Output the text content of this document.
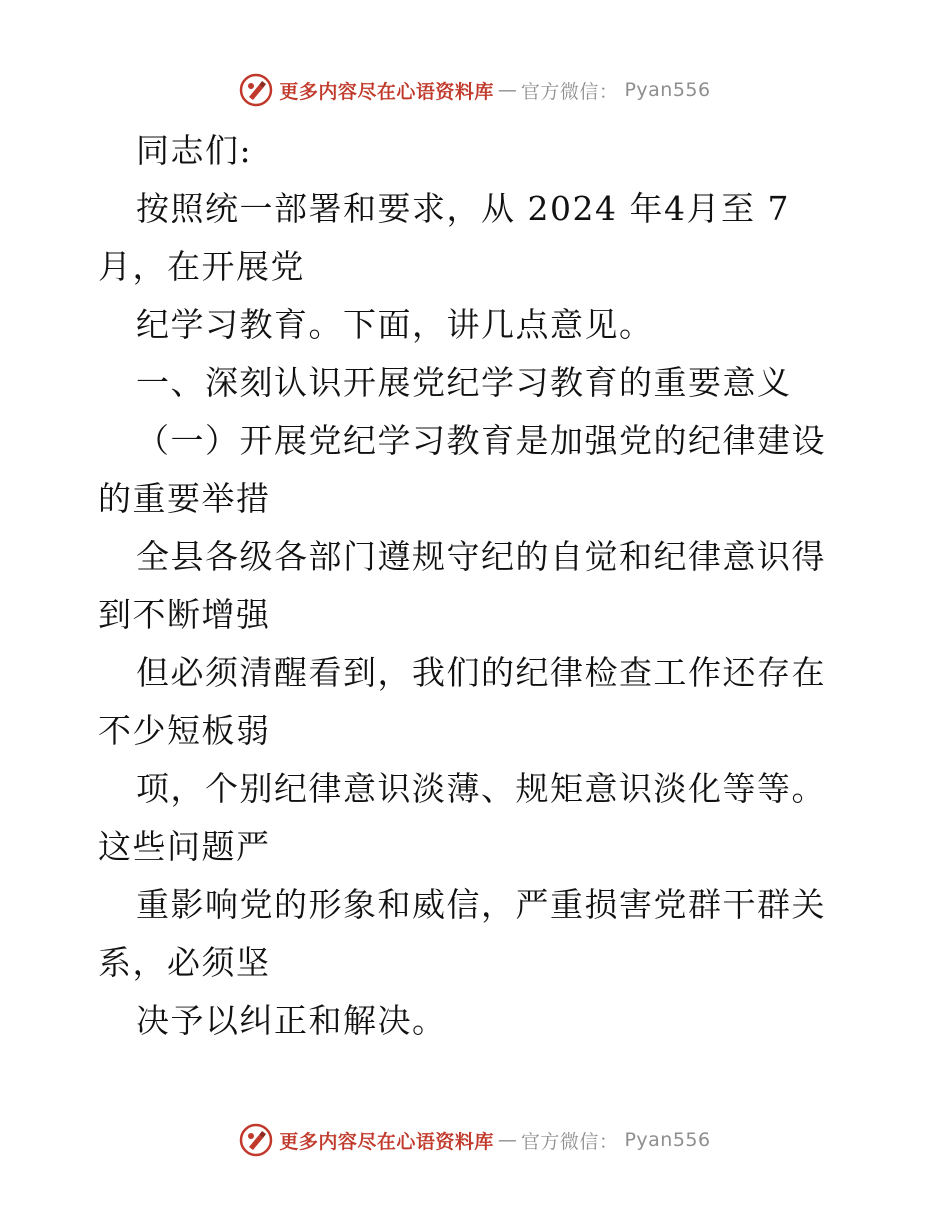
更多内容尽在心语资料库 — 官方微信： Pyan556

同志们:

按照统一部署和要求，从 2024 年4月至 7月，在开展党

纪学习教育。下面，讲几点意见。

一、深刻认识开展党纪学习教育的重要意义

（一）开展党纪学习教育是加强党的纪律建设的重要举措

全县各级各部门遵规守纪的自觉和纪律意识得到不断增强

但必须清醒看到，我们的纪律检查工作还存在不少短板弱

项，个别纪律意识淡薄、规矩意识淡化等等。这些问题严

重影响党的形象和威信，严重损害党群干群关系，必须坚

决予以纠正和解决。

更多内容尽在心语资料库 — 官方微信： Pyan556
